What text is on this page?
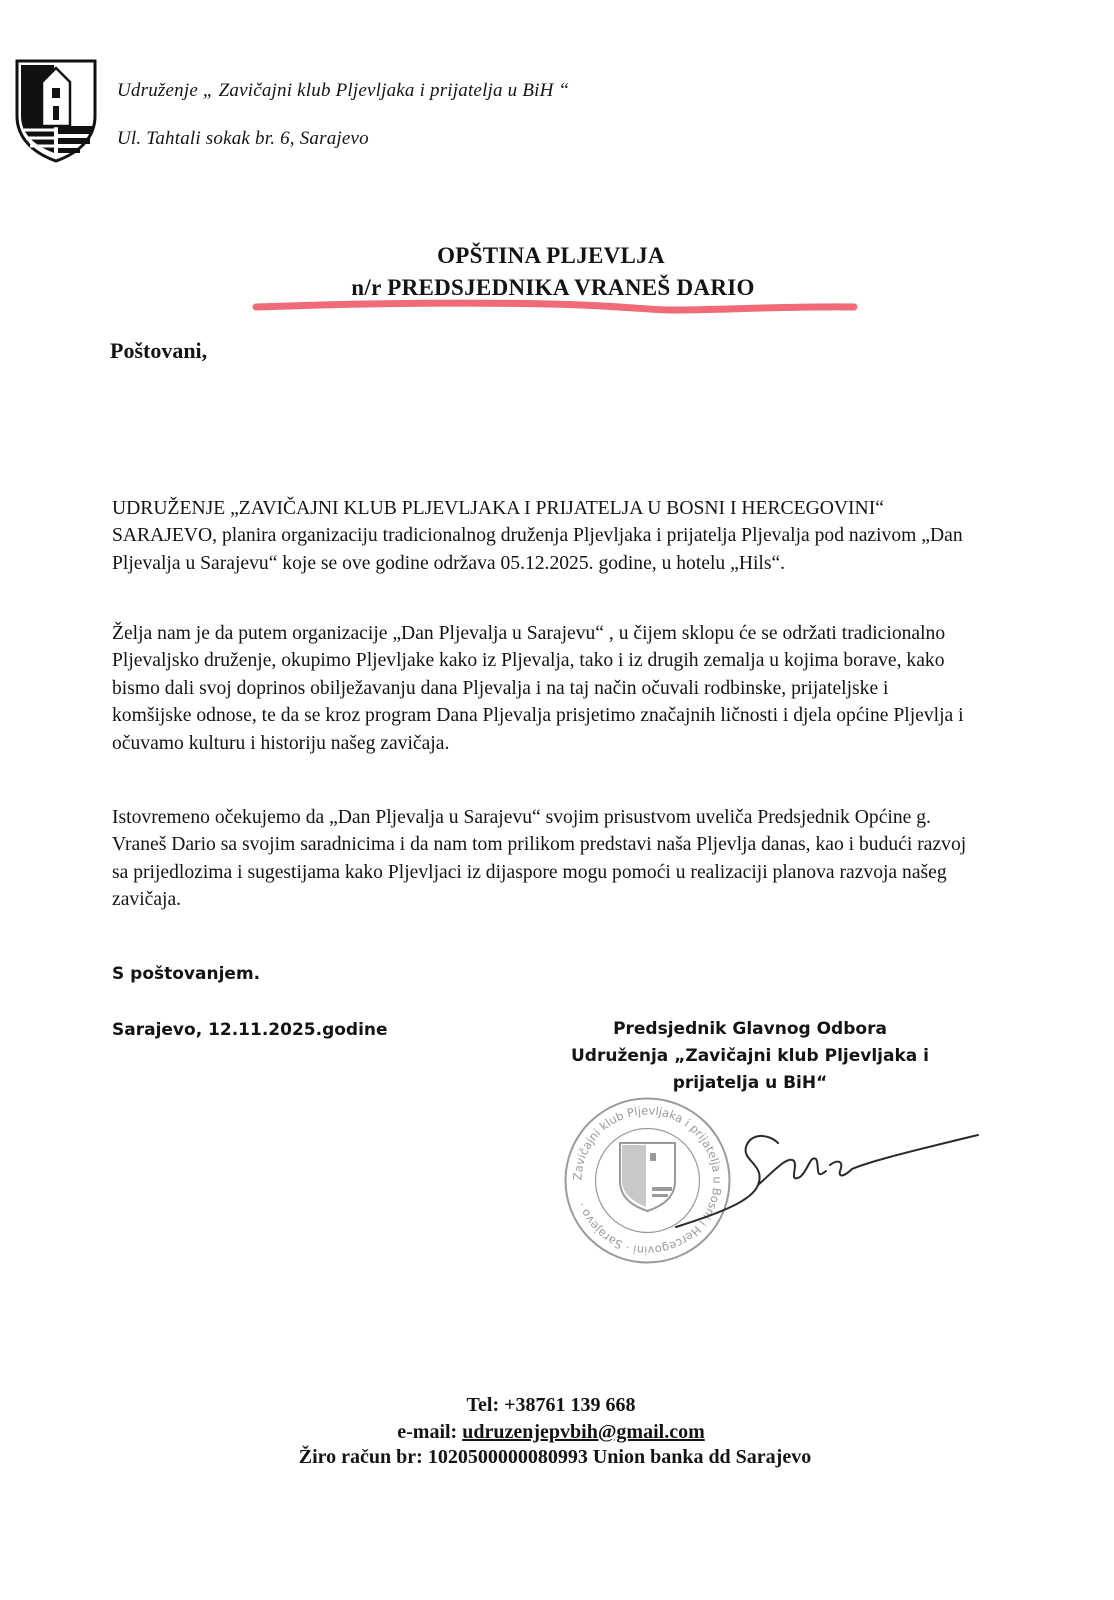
Udruženje „ Zavičajni klub Pljevljaka i prijatelja u BiH “
Ul. Tahtali sokak br. 6, Sarajevo
OPŠTINA PLJEVLJA
n/r PREDSJEDNIKA VRANEŠ DARIO
Poštovani,
UDRUŽENJE „ZAVIČAJNI KLUB PLJEVLJAKA I PRIJATELJA U BOSNI I HERCEGOVINI“ SARAJEVO, planira organizaciju tradicionalnog druženja Pljevljaka i prijatelja Pljevalja pod nazivom „Dan Pljevalja u Sarajevu“ koje se ove godine održava 05.12.2025. godine, u hotelu „Hils“.
Želja nam je da putem organizacije „Dan Pljevalja u Sarajevu“ , u čijem sklopu će se održati tradicionalno Pljevaljsko druženje, okupimo Pljevljake kako iz Pljevalja, tako i iz drugih zemalja u kojima borave, kako bismo dali svoj doprinos obilježavanju dana Pljevalja i na taj način očuvali rodbinske, prijateljske i komšijske odnose, te da se kroz program Dana Pljevalja prisjetimo značajnih ličnosti i djela općine Pljevlja i očuvamo kulturu i historiju našeg zavičaja.
Istovremeno očekujemo da „Dan Pljevalja u Sarajevu“ svojim prisustvom uveliča Predsjednik Općine g. Vraneš Dario sa svojim saradnicima i da nam tom prilikom predstavi naša Pljevlja danas, kao i budući razvoj sa prijedlozima i sugestijama kako Pljevljaci iz dijaspore mogu pomoći u realizaciji planova razvoja našeg zavičaja.
S poštovanjem.
Sarajevo, 12.11.2025.godine	Predsjednik Glavnog Odbora
Udruženja „Zavičajni klub Pljevljaka i
prijatelja u BiH“
Zavičajni klub Pljevljaka i prijatelja u Bosni i Hercegovini · Sarajevo ·
Tel: +38761 139 668
e-mail: udruzenjepvbih@gmail.com
Žiro račun br: 1020500000080993 Union banka dd Sarajevo
